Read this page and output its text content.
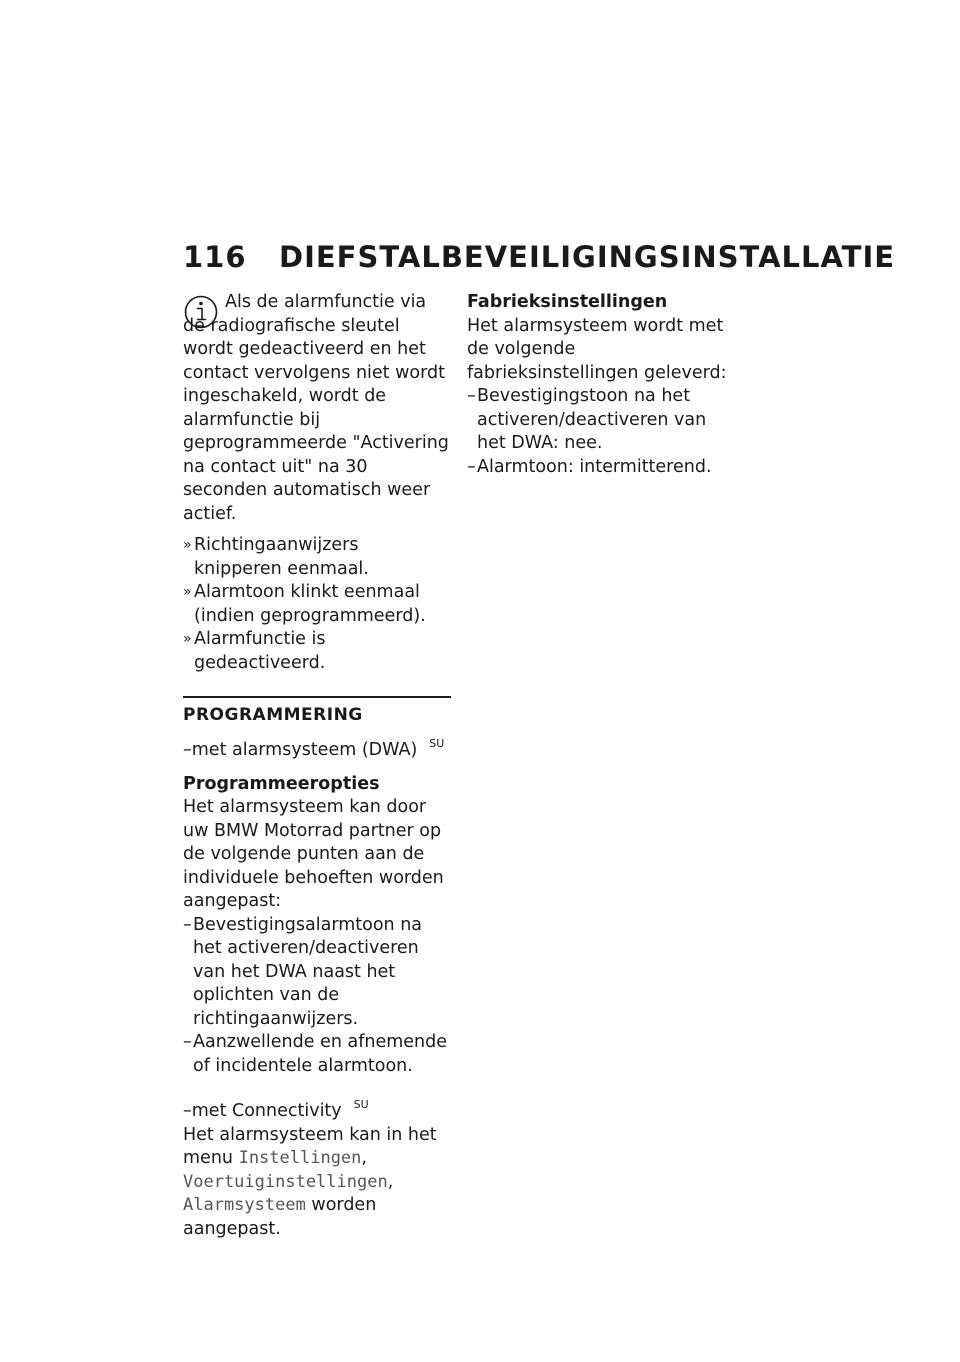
116 DIEFSTALBEVEILIGINGSINSTALLATIE

Als de alarmfunctie via de radiografische sleutel wordt gedeactiveerd en het contact vervolgens niet wordt ingeschakeld, wordt de alarmfunctie bij geprogrammeerde "Activering na contact uit" na 30 seconden automatisch weer actief.

» Richtingaanwijzers knipperen eenmaal.
» Alarmtoon klinkt eenmaal (indien geprogrammeerd).
» Alarmfunctie is gedeactiveerd.

PROGRAMMERING

–met alarmsysteem (DWA) $^{SU}$

Programmeeropties

Het alarmsysteem kan door uw BMW Motorrad partner op de volgende punten aan de individuele behoeften worden aangepast:

– Bevestigingsalarmtoon na het activeren/deactiveren van het DWA naast het oplichten van de richtingaanwijzers.
– Aanzwellende en afnemende of incidentele alarmtoon.

–met Connectivity $^{SU}$

Het alarmsysteem kan in het menu Instellingen, Voertuiginstellingen, Alarmsysteem worden aangepast.

Fabrieksinstellingen

Het alarmsysteem wordt met de volgende fabrieksinstellingen geleverd:

– Bevestigingstoon na het activeren/deactiveren van het DWA: nee.
– Alarmtoon: intermitterend.
